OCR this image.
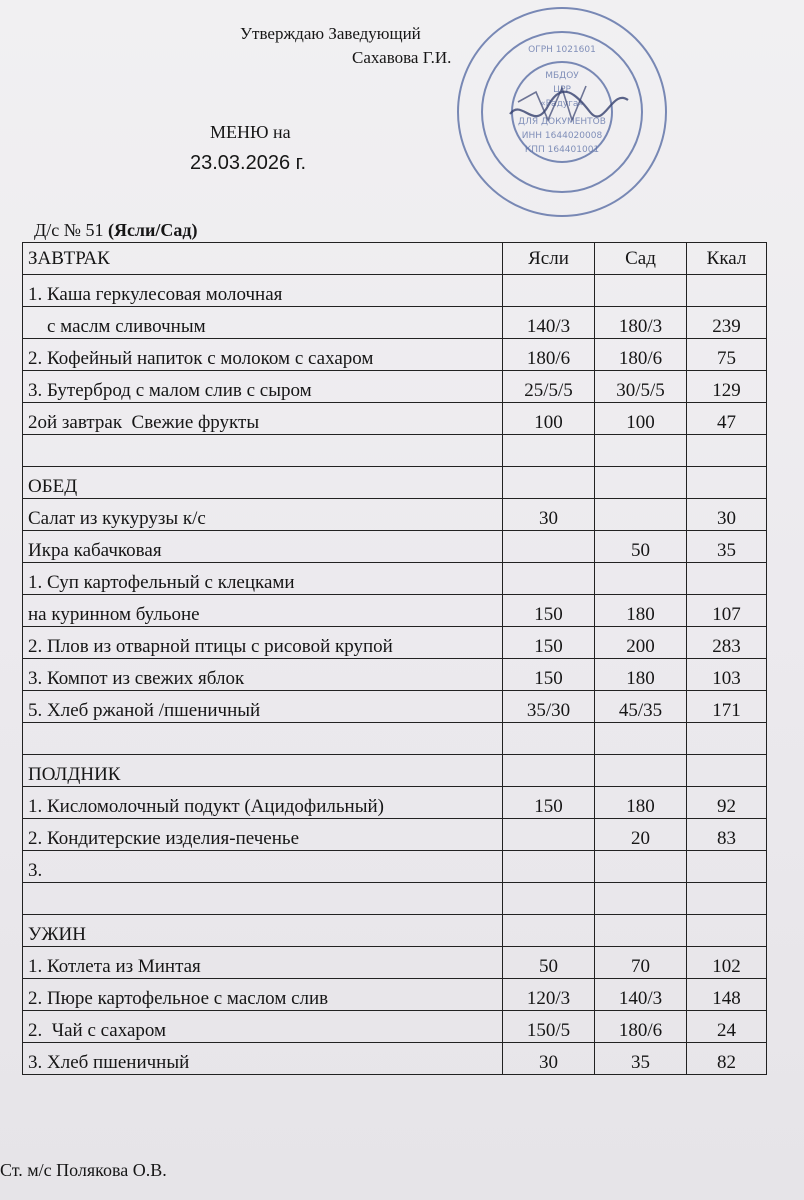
Утверждаю Заведующий
Сахавова Г.И.
МБДОУ
ЦРР
«Радуга»
ДЛЯ ДОКУМЕНТОВ
ИНН 1644020008
КПП 164401001
ОГРН 1021601
МЕНЮ на
23.03.2026 г.
Д/с № 51 (Ясли/Сад)
ЗАВТРАК	Ясли	Сад	Ккал
1. Каша геркулесовая молочная			
с маслм сливочным	140/3	180/3	239
2. Кофейный напиток с молоком с сахаром	180/6	180/6	75
3. Бутерброд с малом слив с сыром	25/5/5	30/5/5	129
2ой завтрак  Свежие фрукты	100	100	47

ОБЕД			
Салат из кукурузы к/с	30		30
Икра кабачковая		50	35
1. Суп картофельный с клецками			
на куринном бульоне	150	180	107
2. Плов из отварной птицы с рисовой крупой	150	200	283
3. Компот из свежих яблок	150	180	103
5. Хлеб ржаной /пшеничный	35/30	45/35	171

ПОЛДНИК			
1. Кисломолочный подукт (Ацидофильный)	150	180	92
2. Кондитерские изделия-печенье		20	83
3.			

УЖИН			
1. Котлета из Минтая	50	70	102
2. Пюре картофельное с маслом слив	120/3	140/3	148
2.  Чай с сахаром	150/5	180/6	24
3. Хлеб пшеничный	30	35	82
Ст. м/с Полякова О.В.
